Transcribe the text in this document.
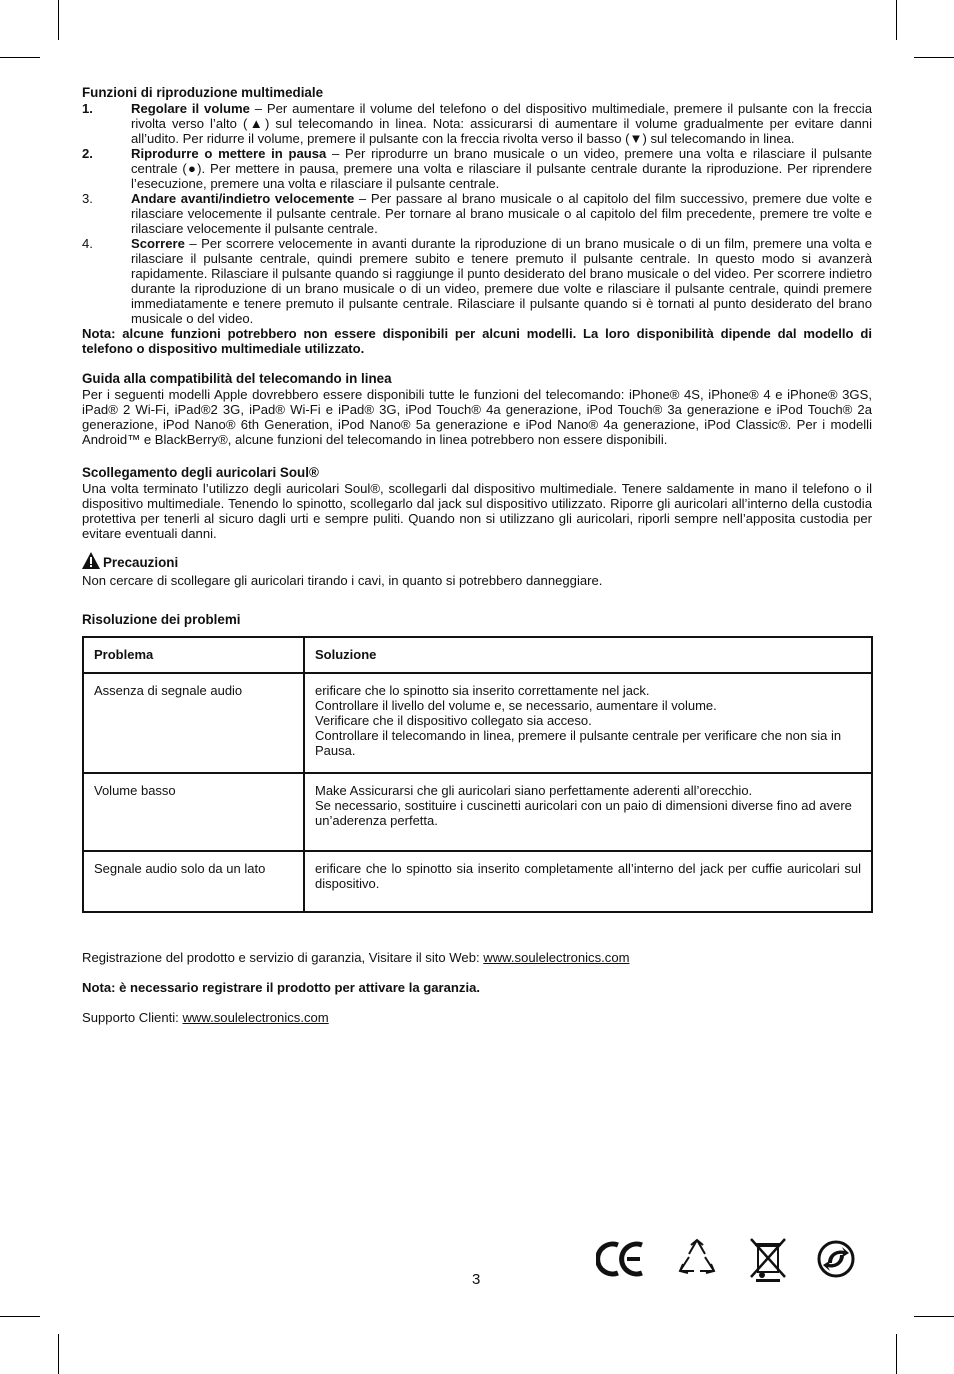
Funzioni di riproduzione multimediale
1.	Regolare il volume – Per aumentare il volume del telefono o del dispositivo multimediale, premere il pulsante con la freccia rivolta verso l’alto (▲) sul telecomando in linea. Nota: assicurarsi di aumentare il volume gradualmente per evitare danni all’udito. Per ridurre il volume, premere il pulsante con la freccia rivolta verso il basso (▼) sul telecomando in linea.
2.	Riprodurre o mettere in pausa – Per riprodurre un brano musicale o un video, premere una volta e rilasciare il pulsante centrale (●). Per mettere in pausa, premere una volta e rilasciare il pulsante centrale durante la riproduzione. Per riprendere l’esecuzione, premere una volta e rilasciare il pulsante centrale.
3.	Andare avanti/indietro velocemente – Per passare al brano musicale o al capitolo del film successivo, premere due volte e rilasciare velocemente il pulsante centrale. Per tornare al brano musicale o al capitolo del film precedente, premere tre volte e rilasciare velocemente il pulsante centrale.
4.	Scorrere – Per scorrere velocemente in avanti durante la riproduzione di un brano musicale o di un film, premere una volta e rilasciare il pulsante centrale, quindi premere subito e tenere premuto il pulsante centrale. In questo modo si avanzerà rapidamente. Rilasciare il pulsante quando si raggiunge il punto desiderato del brano musicale o del video. Per scorrere indietro durante la riproduzione di un brano musicale o di un video, premere due volte e rilasciare il pulsante centrale, quindi premere immediatamente e tenere premuto il pulsante centrale. Rilasciare il pulsante quando si è tornati al punto desiderato del brano musicale o del video.
Nota: alcune funzioni potrebbero non essere disponibili per alcuni modelli. La loro disponibilità dipende dal modello di telefono o dispositivo multimediale utilizzato.
Guida alla compatibilità del telecomando in linea
Per i seguenti modelli Apple dovrebbero essere disponibili tutte le funzioni del telecomando: iPhone® 4S, iPhone® 4 e iPhone® 3GS, iPad® 2 Wi-Fi, iPad®2 3G, iPad® Wi-Fi e iPad® 3G, iPod Touch® 4a generazione, iPod Touch® 3a generazione e iPod Touch® 2a generazione, iPod Nano® 6th Generation, iPod Nano® 5a generazione e iPod Nano® 4a generazione, iPod Classic®. Per i modelli Android™ e BlackBerry®, alcune funzioni del telecomando in linea potrebbero non essere disponibili.
Scollegamento degli auricolari Soul®
Una volta terminato l’utilizzo degli auricolari Soul®, scollegarli dal dispositivo multimediale. Tenere saldamente in mano il telefono o il dispositivo multimediale. Tenendo lo spinotto, scollegarlo dal jack sul dispositivo utilizzato. Riporre gli auricolari all’interno della custodia protettiva per tenerli al sicuro dagli urti e sempre puliti. Quando non si utilizzano gli auricolari, riporli sempre nell’apposita custodia per evitare eventuali danni.
Precauzioni
Non cercare di scollegare gli auricolari tirando i cavi, in quanto si potrebbero danneggiare.
Risoluzione dei problemi
Problema	Soluzione
Assenza di segnale audio	erificare che lo spinotto sia inserito correttamente nel jack.
Controllare il livello del volume e, se necessario, aumentare il volume.
Verificare che il dispositivo collegato sia acceso.
Controllare il telecomando in linea, premere il pulsante centrale per verificare che non sia in Pausa.

Volume basso	Make Assicurarsi che gli auricolari siano perfettamente aderenti all’orecchio.
Se necessario, sostituire i cuscinetti auricolari con un paio di dimensioni diverse fino ad avere un’aderenza perfetta.

Segnale audio solo da un lato	erificare che lo spinotto sia inserito completamente all’interno del jack per cuffie auricolari sul dispositivo.
Registrazione del prodotto e servizio di garanzia, Visitare il sito Web: www.soulelectronics.com
Nota: è necessario registrare il prodotto per attivare la garanzia.
Supporto Clienti: www.soulelectronics.com
3
